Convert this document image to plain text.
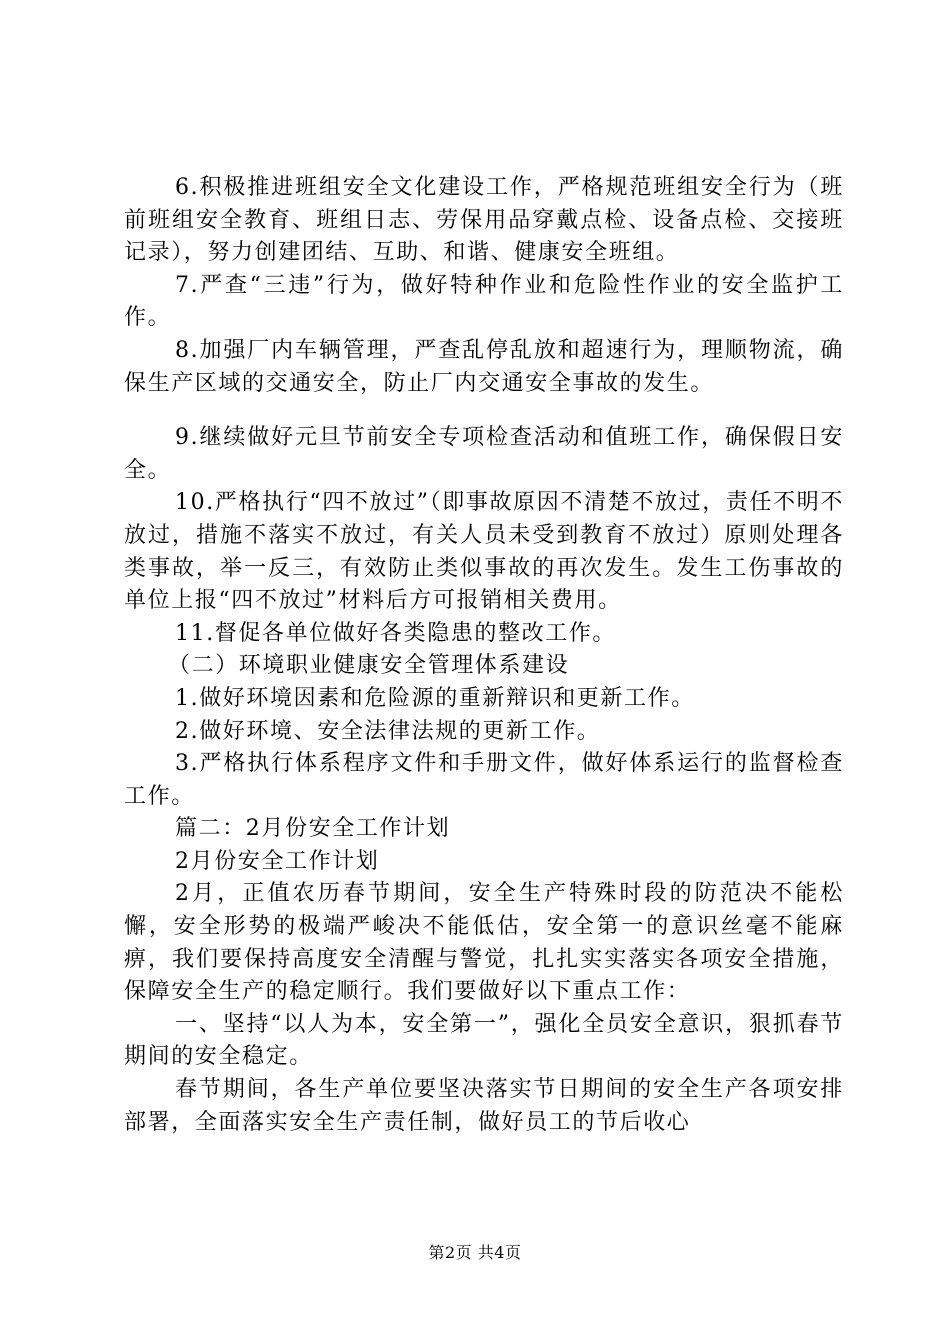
6.积极推进班组安全文化建设工作，严格规范班组安全行为（班前班组安全教育、班组日志、劳保用品穿戴点检、设备点检、交接班记录），努力创建团结、互助、和谐、健康安全班组。

7.严查“三违”行为，做好特种作业和危险性作业的安全监护工作。

8.加强厂内车辆管理，严查乱停乱放和超速行为，理顺物流，确保生产区域的交通安全，防止厂内交通安全事故的发生。

9.继续做好元旦节前安全专项检查活动和值班工作，确保假日安全。

10.严格执行“四不放过”（即事故原因不清楚不放过，责任不明不放过，措施不落实不放过，有关人员未受到教育不放过）原则处理各类事故，举一反三，有效防止类似事故的再次发生。发生工伤事故的单位上报“四不放过”材料后方可报销相关费用。

11.督促各单位做好各类隐患的整改工作。

（二）环境职业健康安全管理体系建设

1.做好环境因素和危险源的重新辩识和更新工作。

2.做好环境、安全法律法规的更新工作。

3.严格执行体系程序文件和手册文件，做好体系运行的监督检查工作。

篇二：2月份安全工作计划

2月份安全工作计划

2月，正值农历春节期间，安全生产特殊时段的防范决不能松懈，安全形势的极端严峻决不能低估，安全第一的意识丝毫不能麻痹，我们要保持高度安全清醒与警觉，扎扎实实落实各项安全措施，保障安全生产的稳定顺行。我们要做好以下重点工作：

一、坚持“以人为本，安全第一”，强化全员安全意识，狠抓春节期间的安全稳定。

春节期间，各生产单位要坚决落实节日期间的安全生产各项安排部署，全面落实安全生产责任制，做好员工的节后收心

第2页 共4页
